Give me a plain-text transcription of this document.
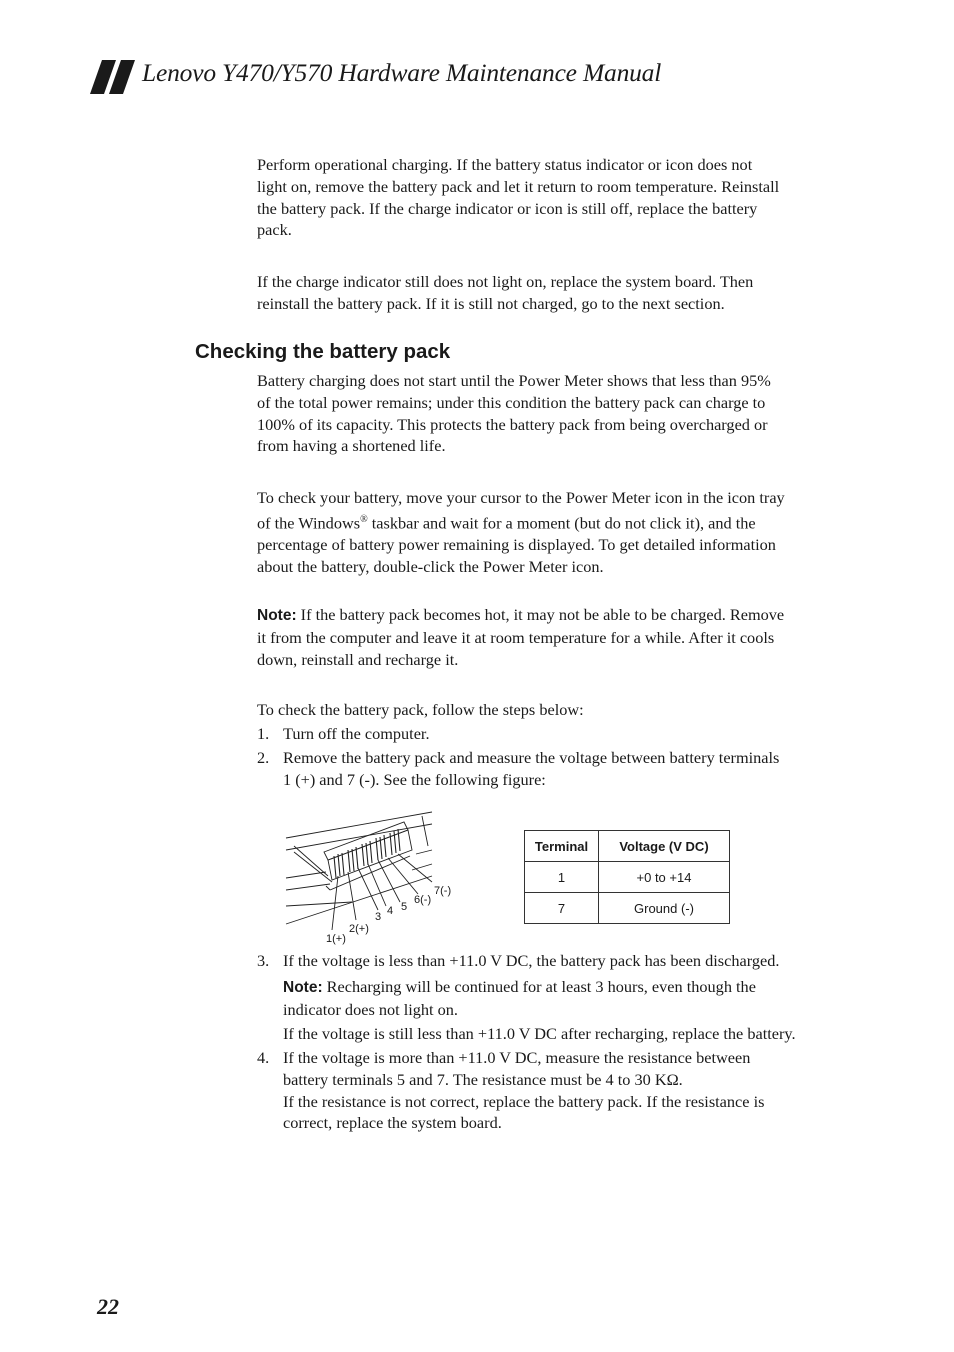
Lenovo Y470/Y570 Hardware Maintenance Manual
Perform operational charging. If the battery status indicator or icon does not
light on, remove the battery pack and let it return to room temperature. Reinstall
the battery pack. If the charge indicator or icon is still off, replace the battery
pack.
If the charge indicator still does not light on, replace the system board. Then
reinstall the battery pack. If it is still not charged, go to the next section.
Checking the battery pack
Battery charging does not start until the Power Meter shows that less than 95%
of the total power remains; under this condition the battery pack can charge to
100% of its capacity. This protects the battery pack from being overcharged or
from having a shortened life.
To check your battery, move your cursor to the Power Meter icon in the icon tray
of the Windows® taskbar and wait for a moment (but do not click it), and the
percentage of battery power remaining is displayed. To get detailed information
about the battery, double-click the Power Meter icon.
Note: If the battery pack becomes hot, it may not be able to be charged. Remove
it from the computer and leave it at room temperature for a while. After it cools
down, reinstall and recharge it.
To check the battery pack, follow the steps below:
1. Turn off the computer.
2. Remove the battery pack and measure the voltage between battery terminals
1 (+) and 7 (-). See the following figure:
1(+)
2(+)
3 4 5
6(-)
7(-)
Terminal	Voltage (V DC)
1	+0 to +14
7	Ground (-)
3. If the voltage is less than +11.0 V DC, the battery pack has been discharged.
Note: Recharging will be continued for at least 3 hours, even though the
indicator does not light on.
If the voltage is still less than +11.0 V DC after recharging, replace the battery.
4. If the voltage is more than +11.0 V DC, measure the resistance between
battery terminals 5 and 7. The resistance must be 4 to 30 KΩ.
If the resistance is not correct, replace the battery pack. If the resistance is
correct, replace the system board.
22
